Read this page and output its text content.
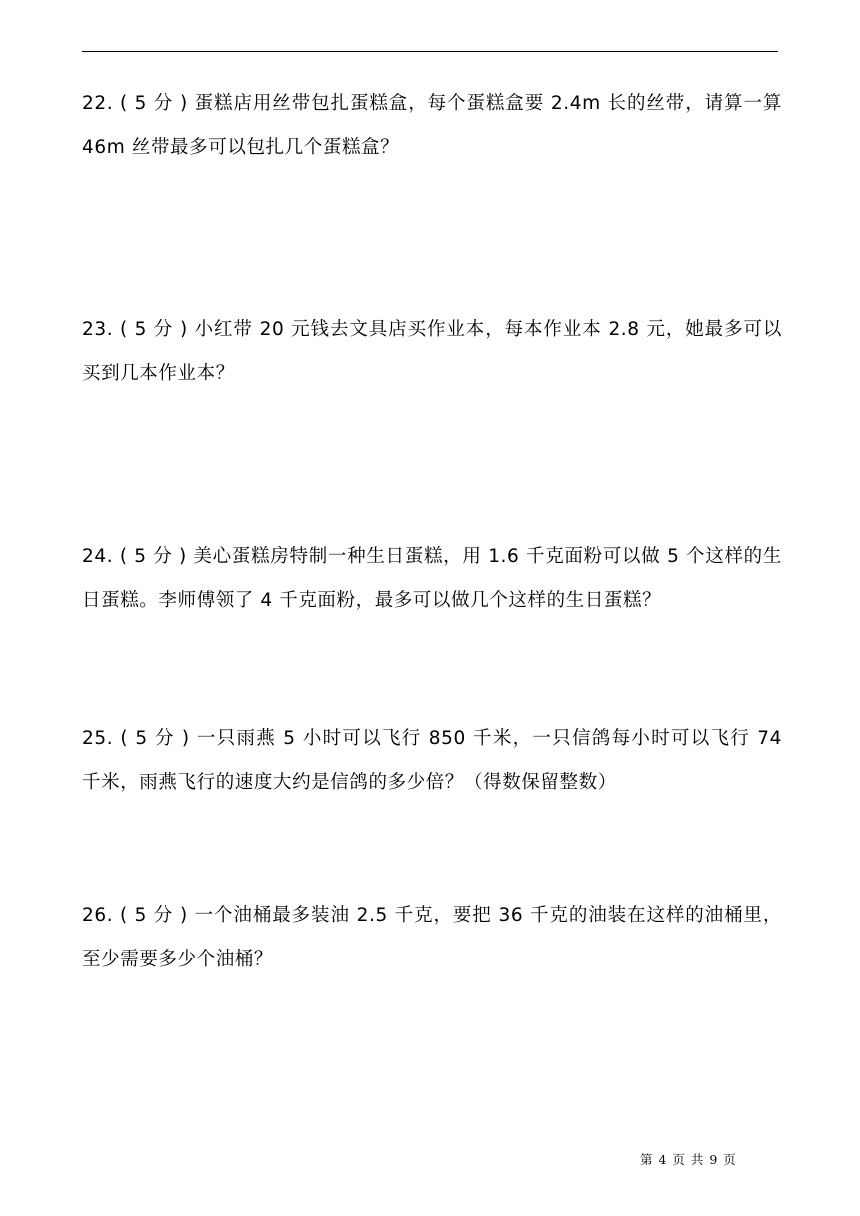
22. ( 5 分 ) 蛋糕店用丝带包扎蛋糕盒，每个蛋糕盒要 2.4m 长的丝带，请算一算 46m 丝带最多可以包扎几个蛋糕盒？
23. ( 5 分 ) 小红带 20 元钱去文具店买作业本，每本作业本 2.8 元，她最多可以买到几本作业本？
24. ( 5 分 ) 美心蛋糕房特制一种生日蛋糕，用 1.6 千克面粉可以做 5 个这样的生日蛋糕。李师傅领了 4 千克面粉，最多可以做几个这样的生日蛋糕？
25. ( 5 分 ) 一只雨燕 5 小时可以飞行 850 千米，一只信鸽每小时可以飞行 74 千米，雨燕飞行的速度大约是信鸽的多少倍？（得数保留整数）
26. ( 5 分 ) 一个油桶最多装油 2.5 千克，要把 36 千克的油装在这样的油桶里，至少需要多少个油桶？
第 4 页 共 9 页
